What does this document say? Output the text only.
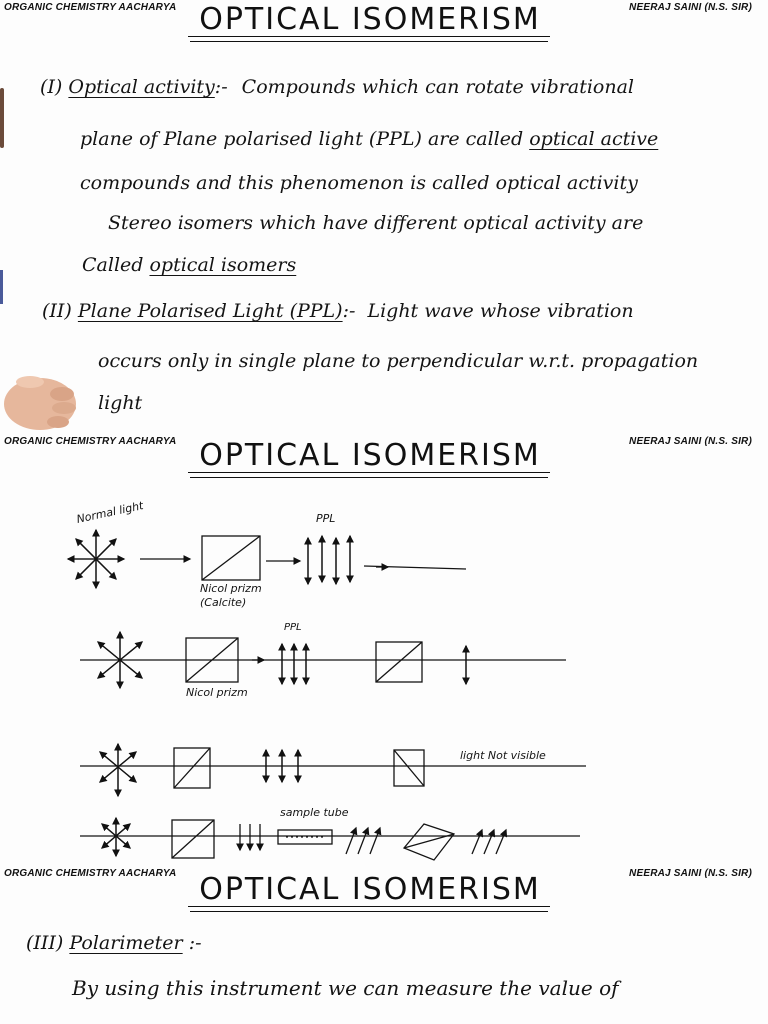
ORGANIC CHEMISTRY AACHARYA	NEERAJ SAINI (N.S. SIR)
OPTICAL ISOMERISM
(I) Optical activity:- Compounds which can rotate vibrational
plane of Plane polarised light (PPL) are called optical active
compounds and this phenomenon is called optical activity
Stereo isomers which have different optical activity are
Called optical isomers
(II) Plane Polarised Light (PPL):- Light wave whose vibration
occurs only in single plane to perpendicular w.r.t. propagation
light
ORGANIC CHEMISTRY AACHARYA	NEERAJ SAINI (N.S. SIR)
OPTICAL ISOMERISM
Normal light	PPL
Nicol prizm
(Calcite)
PPL
Nicol prizm
light Not visible
sample tube
ORGANIC CHEMISTRY AACHARYA	NEERAJ SAINI (N.S. SIR)
OPTICAL ISOMERISM
(III) Polarimeter :-
By using this instrument we can measure the value of
